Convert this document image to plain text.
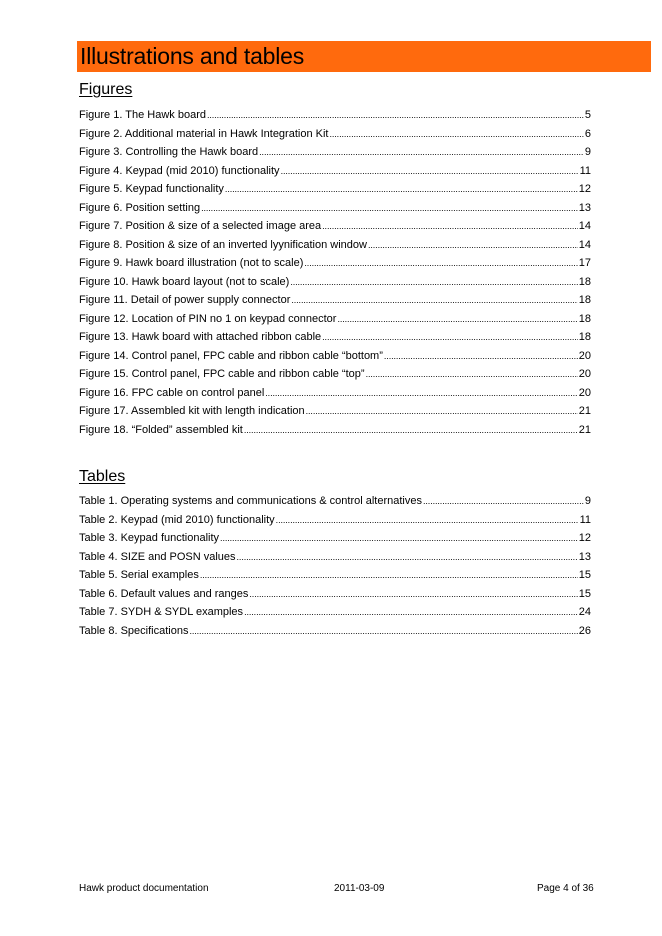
Illustrations and tables
Figures
Figure 1. The Hawk board . . .	5
Figure 2. Additional material in Hawk Integration Kit . . .	6
Figure 3. Controlling the Hawk board . . .	9
Figure 4. Keypad (mid 2010) functionality . . .	11
Figure 5. Keypad functionality . . .	12
Figure 6. Position setting . . .	13
Figure 7. Position & size of a selected image area . . .	14
Figure 8. Position & size of an inverted lyynification window . . .	14
Figure 9. Hawk board illustration (not to scale) . . .	17
Figure 10. Hawk board layout (not to scale) . . .	18
Figure 11. Detail of power supply connector . . .	18
Figure 12. Location of PIN no 1 on keypad connector . . .	18
Figure 13. Hawk board with attached ribbon cable . . .	18
Figure 14. Control panel, FPC cable and ribbon cable “bottom” . . .	20
Figure 15. Control panel, FPC cable and ribbon cable “top” . . .	20
Figure 16. FPC cable on control panel . . .	20
Figure 17. Assembled kit with length indication . . .	21
Figure 18. “Folded” assembled kit . . .	21
Tables
Table 1. Operating systems and communications & control alternatives . . .	9
Table 2. Keypad (mid 2010) functionality . . .	11
Table 3. Keypad functionality . . .	12
Table 4. SIZE and POSN values . . .	13
Table 5. Serial examples . . .	15
Table 6. Default values and ranges . . .	15
Table 7. SYDH & SYDL examples . . .	24
Table 8. Specifications . . .	26
Hawk product documentation	2011-03-09	Page 4 of 36
